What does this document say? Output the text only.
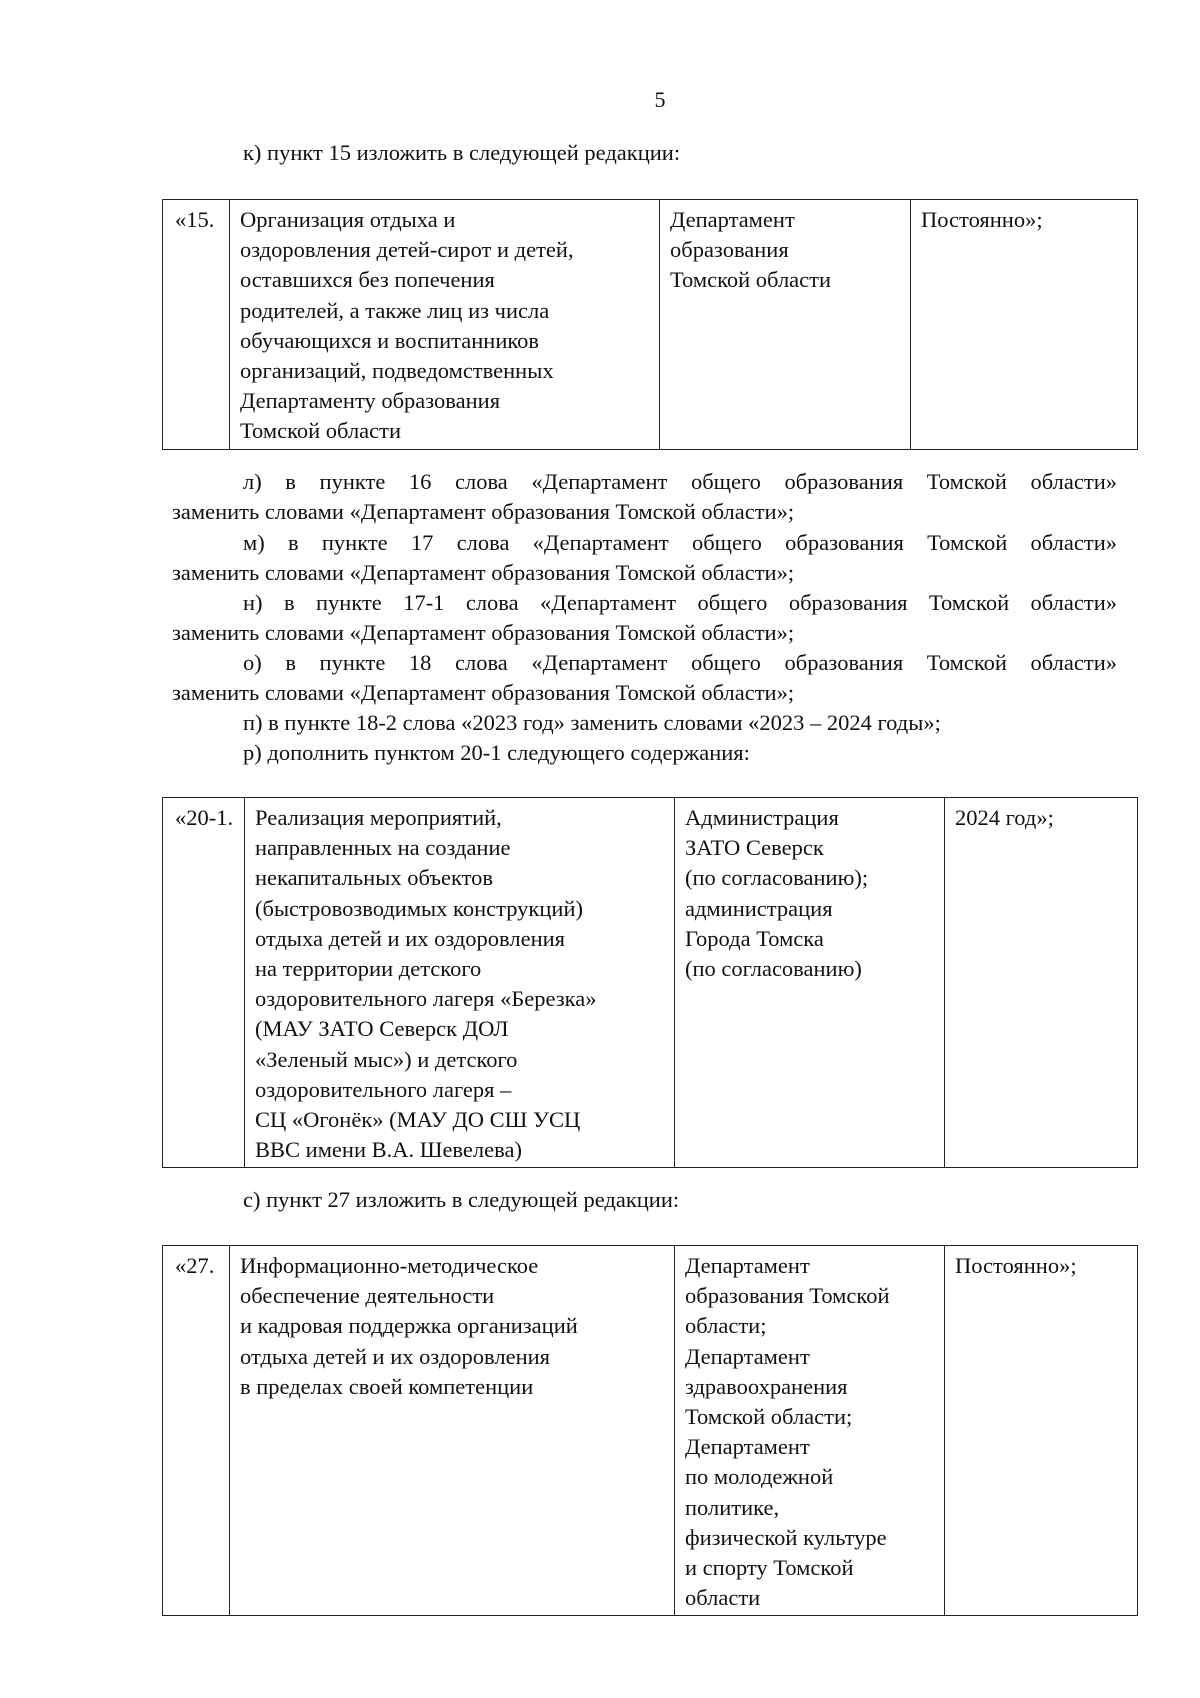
5
к) пункт 15 изложить в следующей редакции:
«15.	Организация отдыха и
оздоровления детей-сирот и детей,
оставшихся без попечения
родителей, а также лиц из числа
обучающихся и воспитанников
организаций, подведомственных
Департаменту образования
Томской области	Департамент
образования
Томской области	Постоянно»;
л) в пункте 16 слова «Департамент общего образования Томской области»
заменить словами «Департамент образования Томской области»;
м) в пункте 17 слова «Департамент общего образования Томской области»
заменить словами «Департамент образования Томской области»;
н) в пункте 17-1 слова «Департамент общего образования Томской области»
заменить словами «Департамент образования Томской области»;
о) в пункте 18 слова «Департамент общего образования Томской области»
заменить словами «Департамент образования Томской области»;
п) в пункте 18-2 слова «2023 год» заменить словами «2023 – 2024 годы»;
р) дополнить пунктом 20-1 следующего содержания:
«20-1.	Реализация мероприятий,
направленных на создание
некапитальных объектов
(быстровозводимых конструкций)
отдыха детей и их оздоровления
на территории детского
оздоровительного лагеря «Березка»
(МАУ ЗАТО Северск ДОЛ
«Зеленый мыс») и детского
оздоровительного лагеря –
СЦ «Огонёк» (МАУ ДО СШ УСЦ
ВВС имени В.А. Шевелева)	Администрация
ЗАТО Северск
(по согласованию);
администрация
Города Томска
(по согласованию)	2024 год»;
с) пункт 27 изложить в следующей редакции:
«27.	Информационно-методическое
обеспечение деятельности
и кадровая поддержка организаций
отдыха детей и их оздоровления
в пределах своей компетенции	Департамент
образования Томской
области;
Департамент
здравоохранения
Томской области;
Департамент
по молодежной
политике,
физической культуре
и спорту Томской
области	Постоянно»;
